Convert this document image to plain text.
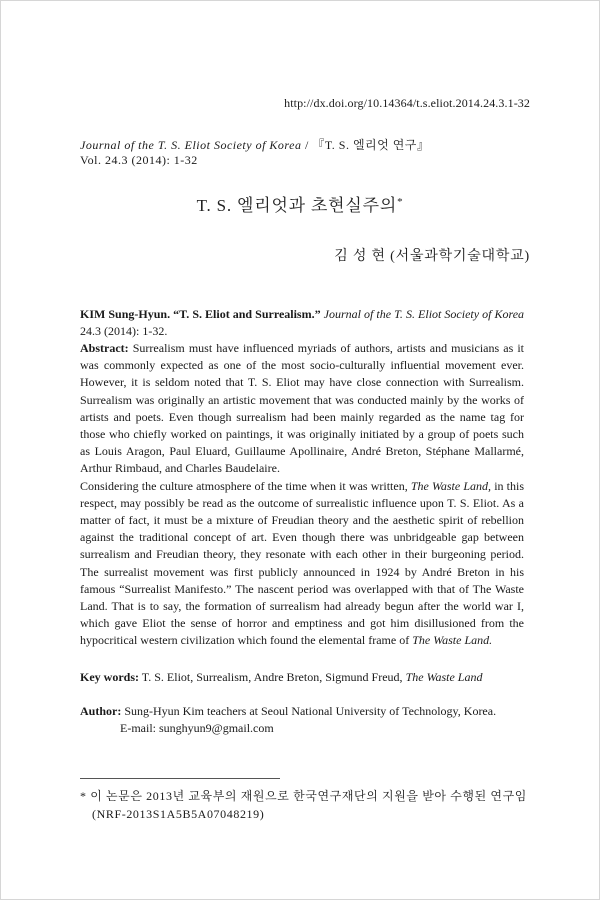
http://dx.doi.org/10.14364/t.s.eliot.2014.24.3.1-32
Journal of the T. S. Eliot Society of Korea / 『T. S. 엘리엇 연구』
Vol. 24.3 (2014): 1-32
T. S. 엘리엇과 초현실주의*
김 성 현 (서울과학기술대학교)
KIM Sung-Hyun. “T. S. Eliot and Surrealism.” Journal of the T. S. Eliot Society of Korea 24.3 (2014): 1-32.

Abstract: Surrealism must have influenced myriads of authors, artists and musicians as it was commonly expected as one of the most socio-culturally influential movement ever. However, it is seldom noted that T. S. Eliot may have close connection with Surrealism. Surrealism was originally an artistic movement that was conducted mainly by the works of artists and poets. Even though surrealism had been mainly regarded as the name tag for those who chiefly worked on paintings, it was originally initiated by a group of poets such as Louis Aragon, Paul Eluard, Guillaume Apollinaire, André Breton, Stéphane Mallarmé, Arthur Rimbaud, and Charles Baudelaire.

Considering the culture atmosphere of the time when it was written, The Waste Land, in this respect, may possibly be read as the outcome of surrealistic influence upon T. S. Eliot. As a matter of fact, it must be a mixture of Freudian theory and the aesthetic spirit of rebellion against the traditional concept of art. Even though there was unbridgeable gap between surrealism and Freudian theory, they resonate with each other in their burgeoning period. The surrealist movement was first publicly announced in 1924 by André Breton in his famous “Surrealist Manifesto.” The nascent period was overlapped with that of The Waste Land. That is to say, the formation of surrealism had already begun after the world war I, which gave Eliot the sense of horror and emptiness and got him disillusioned from the hypocritical western civilization which found the elemental frame of The Waste Land.

Key words: T. S. Eliot, Surrealism, Andre Breton, Sigmund Freud, The Waste Land
Author: Sung-Hyun Kim teachers at Seoul National University of Technology, Korea.
E-mail: sunghyun9@gmail.com
* 이 논문은 2013년 교육부의 재원으로 한국연구재단의 지원을 받아 수행된 연구임
(NRF-2013S1A5B5A07048219)
